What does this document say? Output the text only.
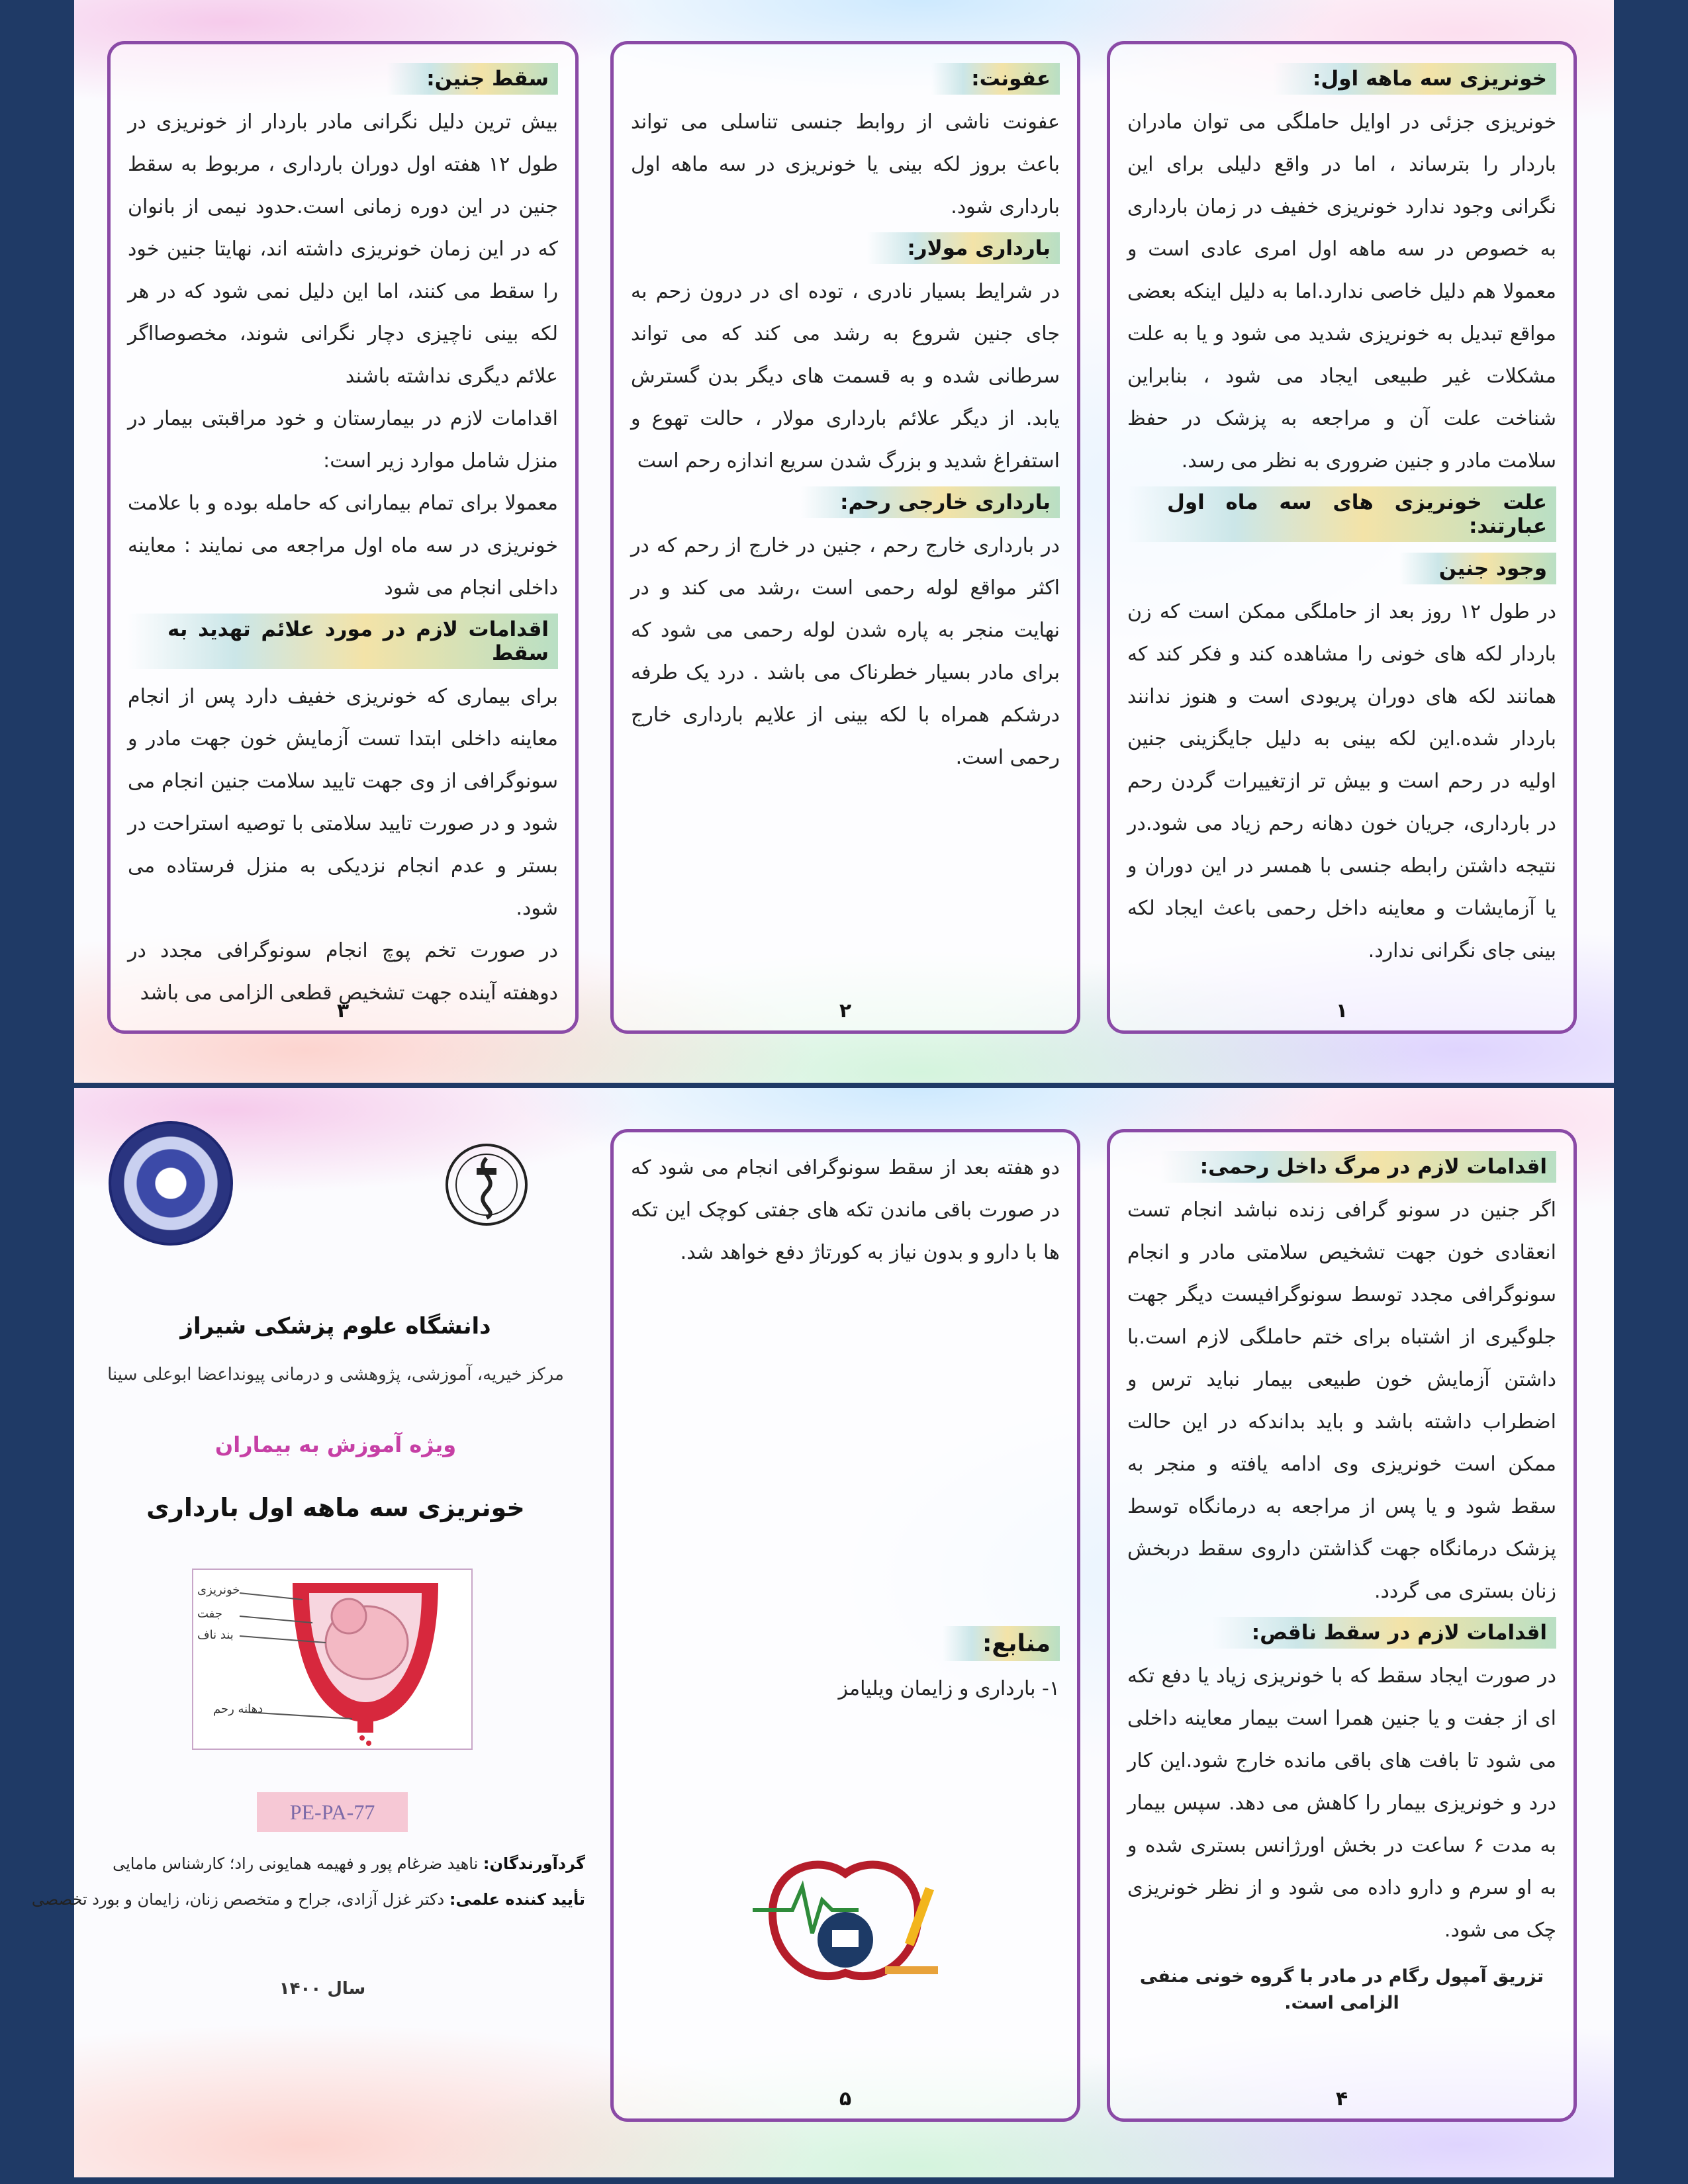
خونریزی سه ماهه اول:

خونریزی جزئی در اوایل حاملگی می توان مادران باردار را بترساند ، اما در واقع دلیلی برای این نگرانی وجود ندارد خونریزی خفیف در زمان بارداری به خصوص در سه ماهه اول امری عادی است و معمولا هم دلیل خاصی ندارد.اما به دلیل اینکه بعضی مواقع تبدیل به خونریزی شدید می شود و یا به علت مشکلات غیر طبیعی ایجاد می شود ، بنابراین شناخت علت آن و مراجعه به پزشک در حفظ سلامت مادر و جنین ضروری به نظر می رسد.

علت خونریزی های سه ماه اول عبارتند:
وجود جنین

در طول ۱۲ روز بعد از حاملگی ممکن است که زن باردار لکه های خونی را مشاهده کند و فکر کند که همانند لکه های دوران پریودی است و هنوز ندانند باردار شده.این لکه بینی به دلیل جایگزینی جنین اولیه در رحم است و بیش تر ازتغییرات گردن رحم در بارداری، جریان خون دهانه رحم زیاد می شود.در نتیجه داشتن رابطه جنسی با همسر در این دوران و یا آزمایشات و معاینه داخل رحمی باعث ایجاد لکه بینی جای نگرانی ندارد.

١
عفونت:

عفونت ناشی از روابط جنسی تناسلی می تواند باعث بروز لکه بینی یا خونریزی در سه ماهه اول بارداری شود.

بارداری مولار:

در شرایط بسیار نادری ، توده ای در درون زحم به جای جنین شروع به رشد می کند که می تواند سرطانی شده و به قسمت های دیگر بدن گسترش یابد. از دیگر علائم بارداری مولار ، حالت تهوع و استفراغ شدید و بزرگ شدن سریع اندازه رحم است

بارداری خارجی رحم:

در بارداری خارج رحم ، جنین در خارج از رحم که در اکثر مواقع لوله رحمی است ،رشد می کند و در نهایت منجر به پاره شدن لوله رحمی می شود که برای مادر بسیار خطرناک می باشد . درد یک طرفه درشکم همراه با لکه بینی از علایم بارداری خارج رحمی است.

٢
سقط جنین:

بیش ترین دلیل نگرانی مادر باردار از خونریزی در طول ۱۲ هفته اول دوران بارداری ، مربوط به سقط جنین در این دوره زمانی است.حدود نیمی از بانوان که در این زمان خونریزی داشته اند، نهایتا جنین خود را سقط می کنند، اما این دلیل نمی شود که در هر لکه بینی ناچیزی دچار نگرانی شوند، مخصوصااگر علائم دیگری نداشته باشند

اقدامات لازم در بیمارستان و خود مراقبتی بیمار در منزل شامل موارد زیر است:

معمولا برای تمام بیمارانی که حامله بوده و با علامت خونریزی در سه ماه اول مراجعه می نمایند : معاینه داخلی انجام می شود

اقدامات لازم در مورد علائم تهدید به سقط

برای بیماری که خونریزی خفیف دارد پس از انجام معاینه داخلی ابتدا تست آزمایش خون جهت مادر و سونوگرافی از وی جهت تایید سلامت جنین انجام می شود و در صورت تایید سلامتی با توصیه استراحت در بستر و عدم انجام نزدیکی به منزل فرستاده می شود.

در صورت تخم پوچ انجام سونوگرافی مجدد در دوهفته آینده جهت تشخیص قطعی الزامی می باشد

٣
اقدامات لازم در مرگ داخل رحمی:

اگر جنین در سونو گرافی زنده نباشد انجام تست انعقادی خون جهت تشخیص سلامتی مادر و انجام سونوگرافی مجدد توسط سونوگرافیست دیگر جهت جلوگیری از اشتباه برای ختم حاملگی لازم است.با داشتن آزمایش خون طبیعی بیمار نباید ترس و اضطراب داشته باشد و باید بداندکه در این حالت ممکن است خونریزی وی ادامه یافته و منجر به سقط شود و یا پس از مراجعه به درمانگاه توسط پزشک درمانگاه جهت گذاشتن داروی سقط دربخش زنان بستری می گردد.

اقدامات لازم در سقط ناقص:

در صورت ایجاد سقط که با خونریزی زیاد یا دفع تکه ای از جفت و یا جنین همرا است بیمار معاینه داخلی می شود تا بافت های باقی مانده خارج شود.این کار درد و خونریزی بیمار را کاهش می دهد. سپس بیمار به مدت ۶ ساعت در بخش اورژانس بستری شده و به او سرم و دارو داده می شود و از نظر خونریزی چک می شود.

تزریق آمپول رگام در مادر با گروه خونی منفی الزامی است.
۴

دو هفته بعد از سقط سونوگرافی انجام می شود که در صورت باقی ماندن تکه های جفتی کوچک این تکه ها با دارو و بدون نیاز به کورتاژ دفع خواهد شد.

منابع:

۱- بارداری و زایمان ویلیامز

۵
دانشگاه علوم پزشکی شیراز
مرکز خیریه، آموزشی، پژوهشی و درمانی پیونداعضا ابوعلی سینا
ویژه آموزش به بیماران
خونریزی سه ماهه اول بارداری
خونریزی
جفت
بند ناف
دهانه رحم
PE-PA-77
گردآورندگان: ناهید ضرغام پور و فهیمه همایونی راد؛ کارشناس مامایی
تأیید کننده علمی: دکتر غزل آزادی، جراح و متخصص زنان، زایمان و بورد تخصصی
سال ۱۴۰۰
